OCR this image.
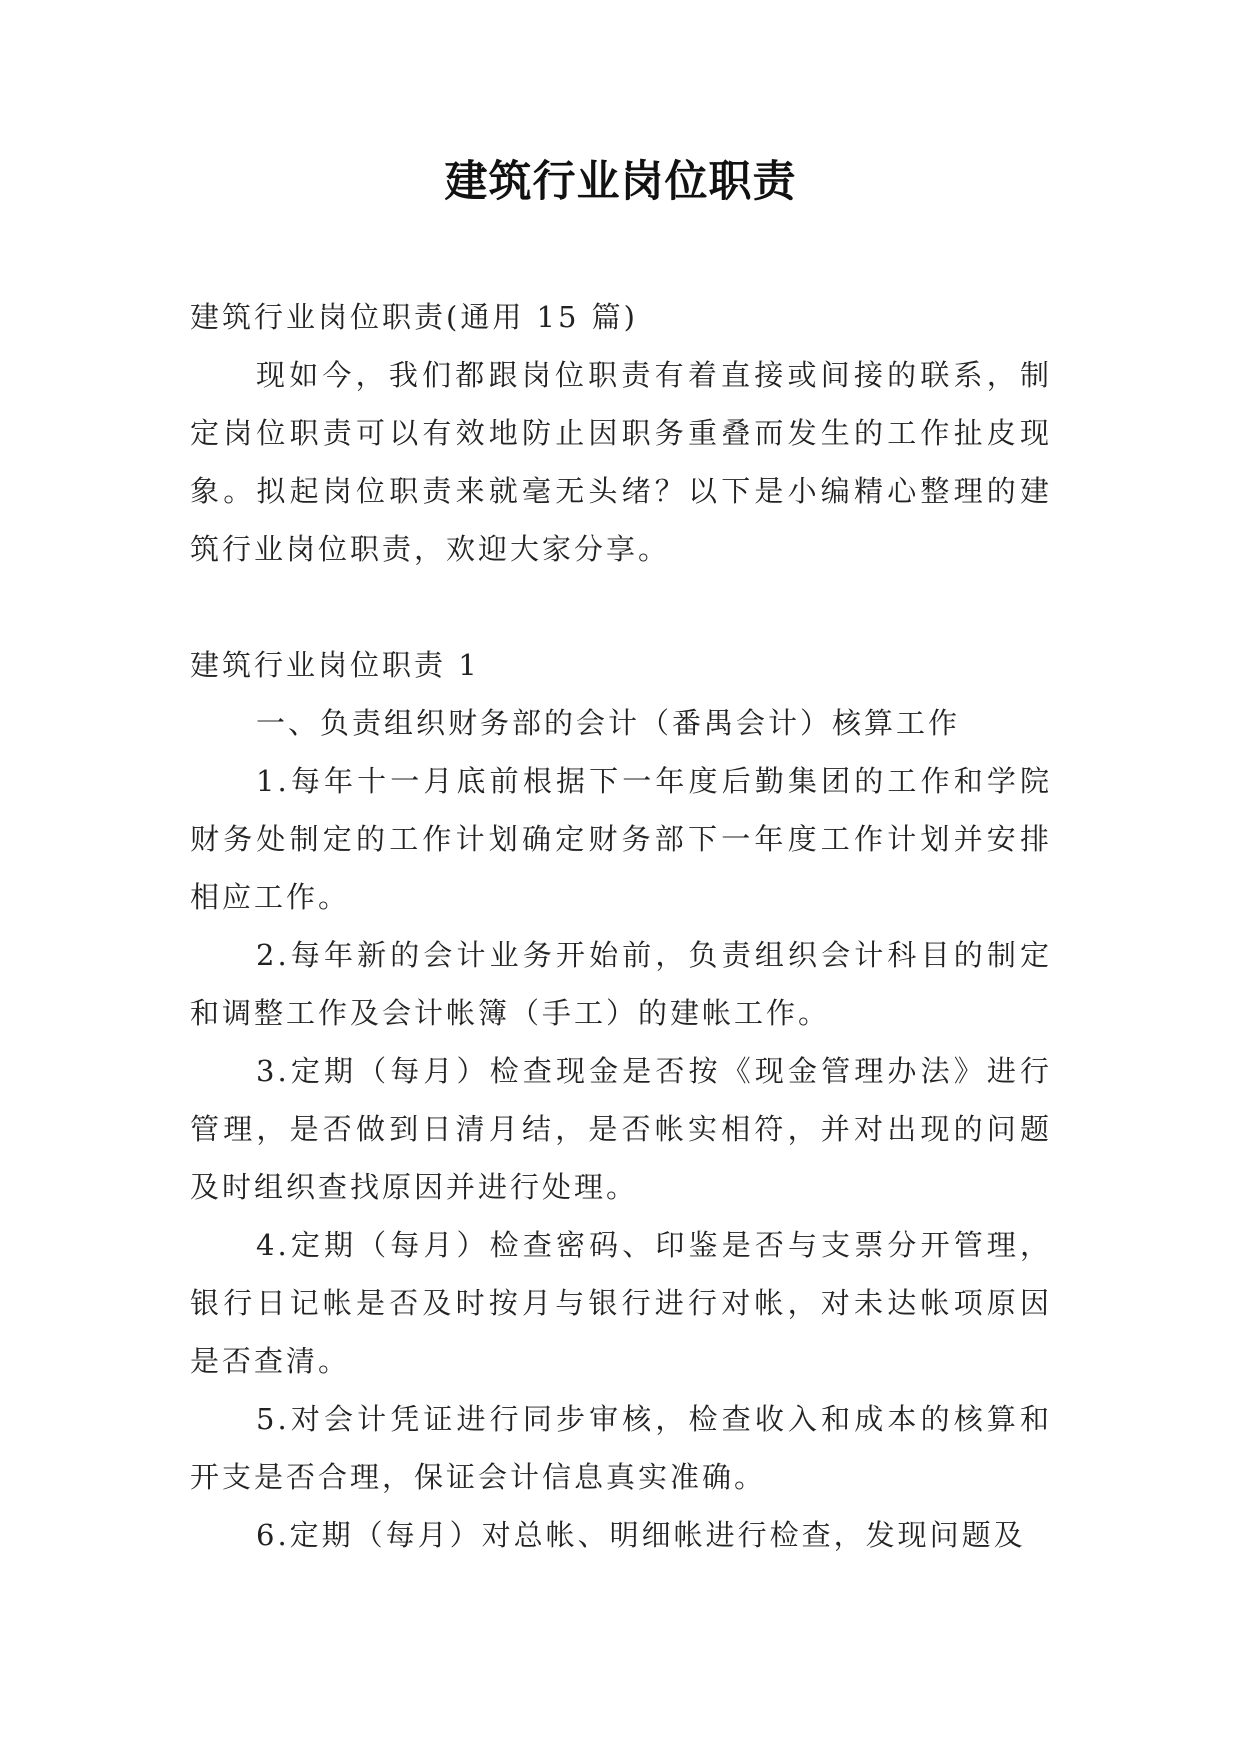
建筑行业岗位职责
建筑行业岗位职责(通用 15 篇)
现如今，我们都跟岗位职责有着直接或间接的联系，制定岗位职责可以有效地防止因职务重叠而发生的工作扯皮现象。拟起岗位职责来就毫无头绪？以下是小编精心整理的建筑行业岗位职责，欢迎大家分享。
建筑行业岗位职责 1

一、负责组织财务部的会计（番禺会计）核算工作

1.每年十一月底前根据下一年度后勤集团的工作和学院财务处制定的工作计划确定财务部下一年度工作计划并安排相应工作。

2.每年新的会计业务开始前，负责组织会计科目的制定和调整工作及会计帐簿（手工）的建帐工作。

3.定期（每月）检查现金是否按《现金管理办法》进行管理，是否做到日清月结，是否帐实相符，并对出现的问题及时组织查找原因并进行处理。

4.定期（每月）检查密码、印鉴是否与支票分开管理，银行日记帐是否及时按月与银行进行对帐，对未达帐项原因是否查清。

5.对会计凭证进行同步审核，检查收入和成本的核算和开支是否合理，保证会计信息真实准确。

6.定期（每月）对总帐、明细帐进行检查，发现问题及
